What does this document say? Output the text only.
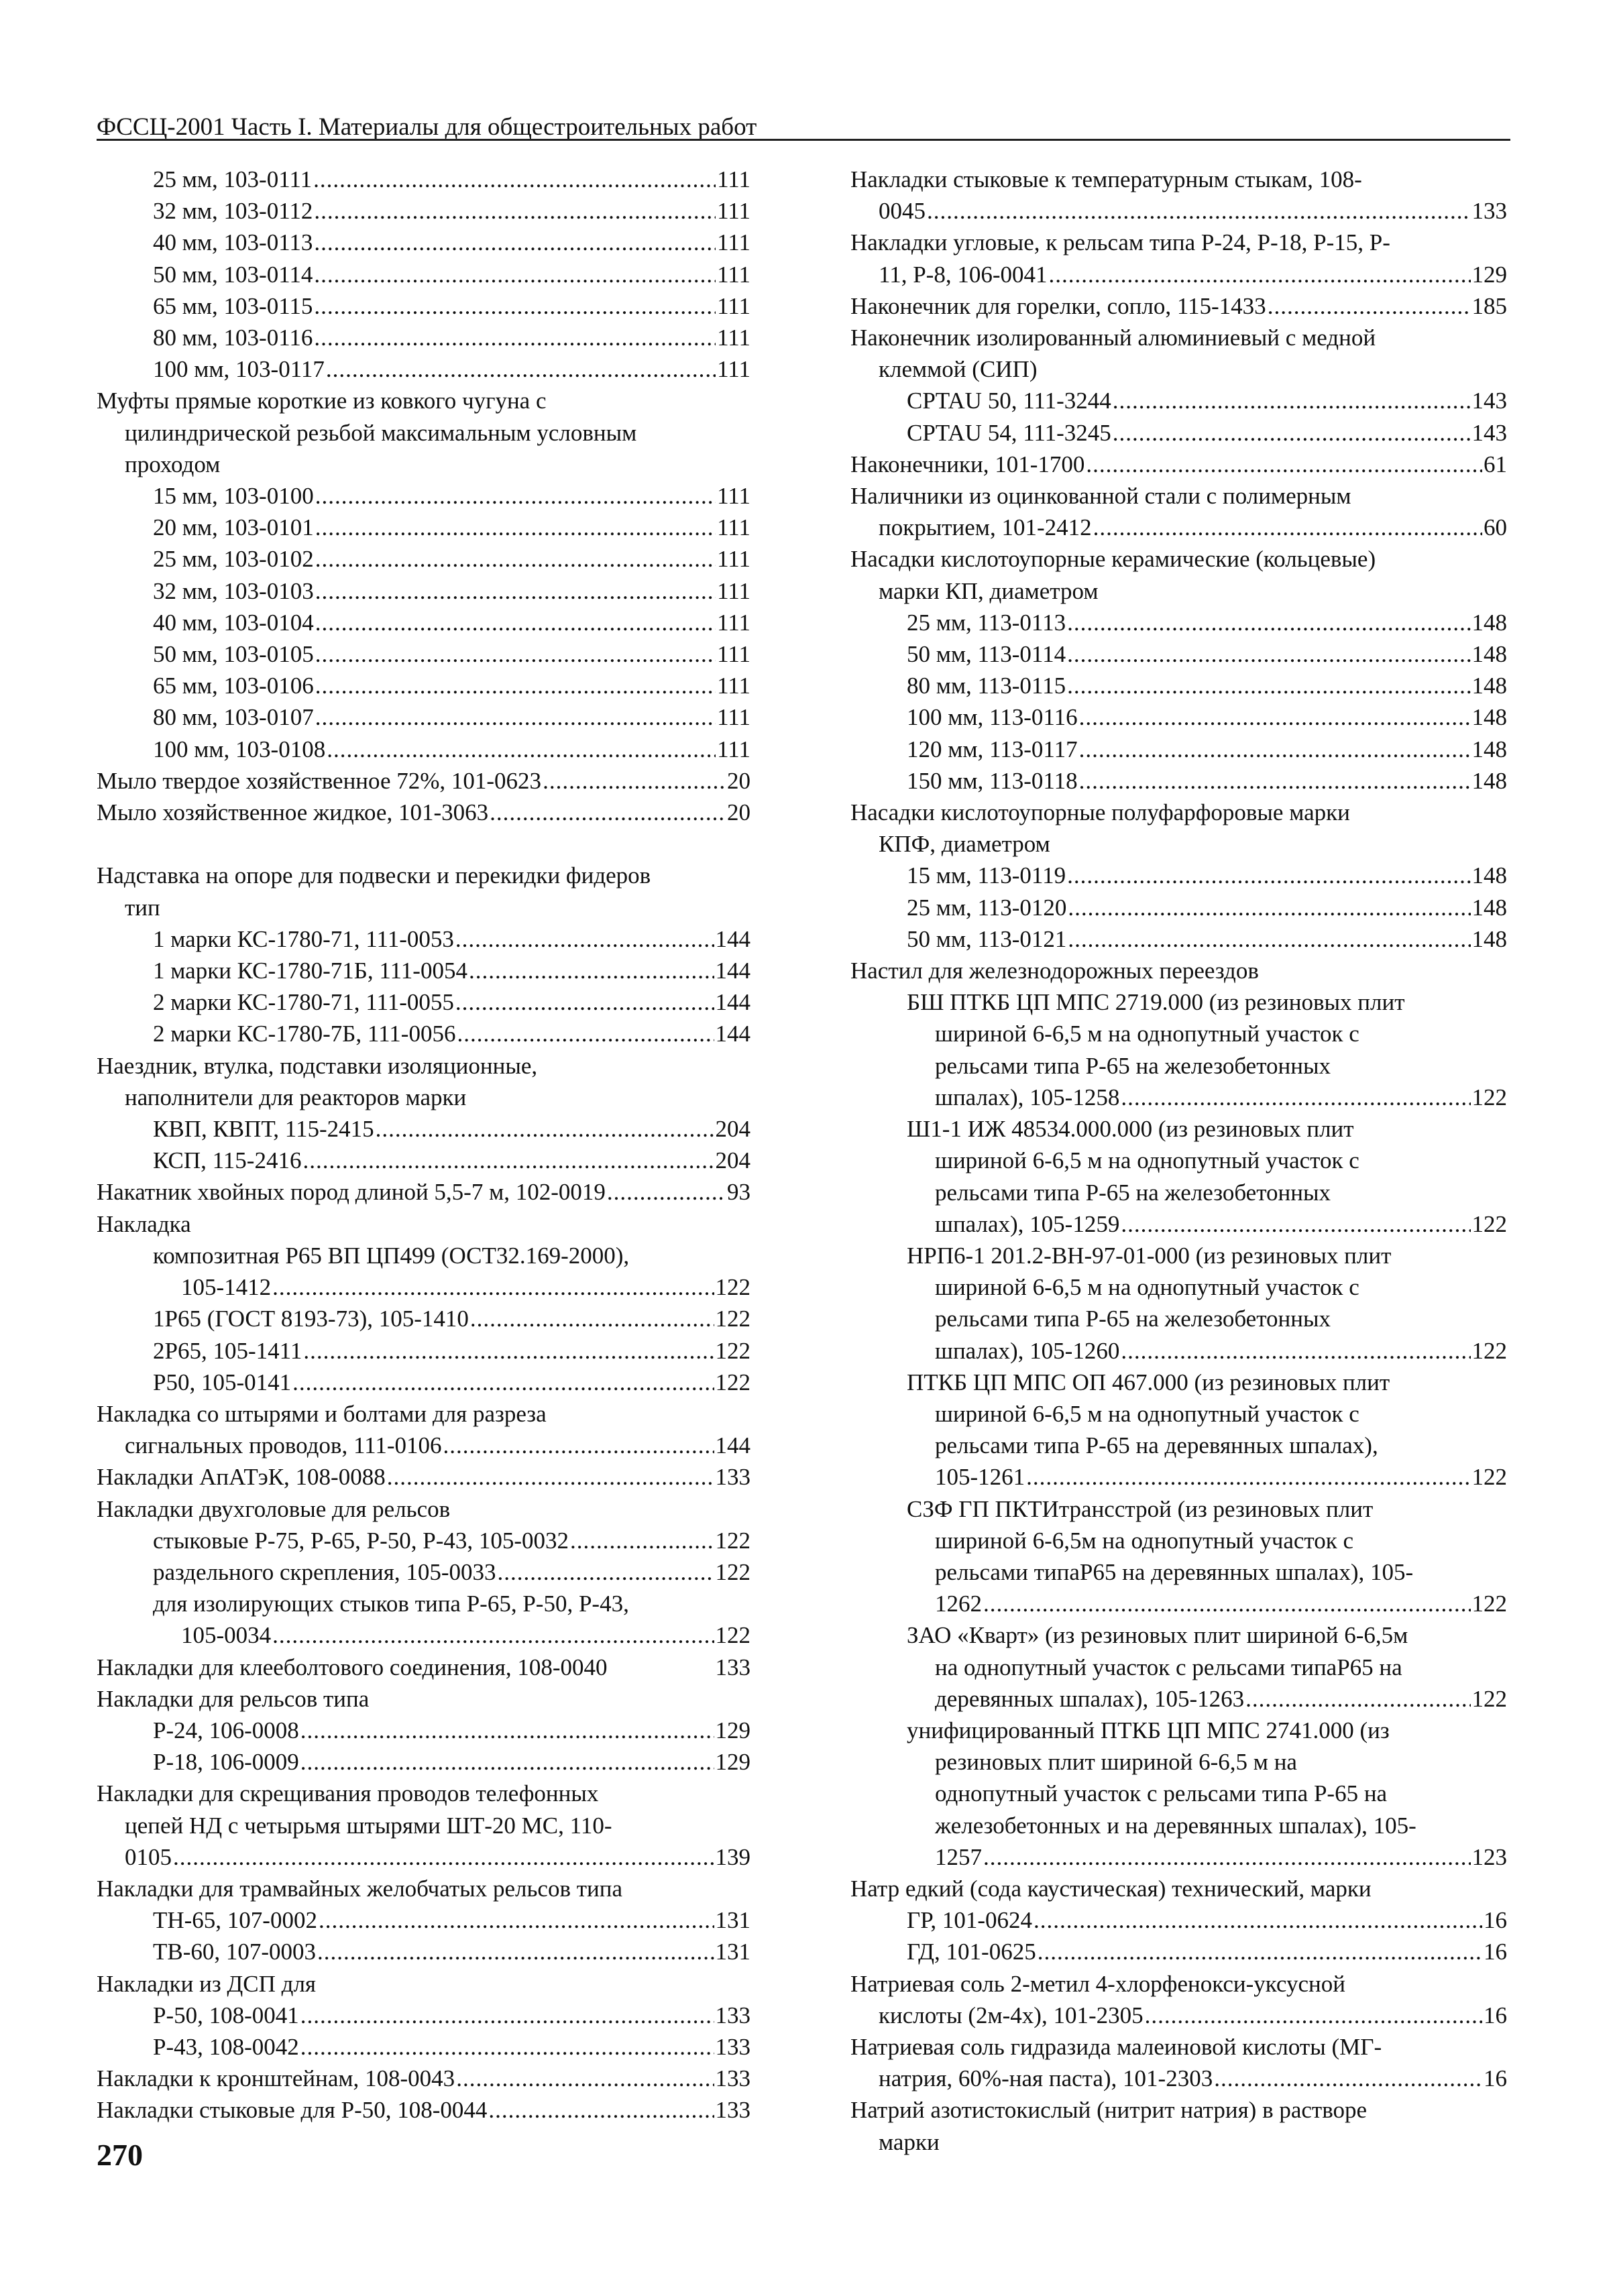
ФССЦ-2001 Часть I. Материалы для общестроительных работ
25 мм, 103-0111 .....	111
32 мм, 103-0112 .....	111
40 мм, 103-0113 .....	111
50 мм, 103-0114 .....	111
65 мм, 103-0115 .....	111
80 мм, 103-0116 .....	111
100 мм, 103-0117 .....	111
Муфты прямые короткие из ковкого чугуна с
цилиндрической резьбой максимальным условным
проходом
15 мм, 103-0100 .....	111
20 мм, 103-0101 .....	111
25 мм, 103-0102 .....	111
32 мм, 103-0103 .....	111
40 мм, 103-0104 .....	111
50 мм, 103-0105 .....	111
65 мм, 103-0106 .....	111
80 мм, 103-0107 .....	111
100 мм, 103-0108 .....	111
Мыло твердое хозяйственное 72%, 101-0623 .....	20
Мыло хозяйственное жидкое, 101-3063 .....	20
Надставка на опоре для подвески и перекидки фидеров
тип
1 марки КС-1780-71, 111-0053 .....	144
1 марки КС-1780-71Б, 111-0054 .....	144
2 марки КС-1780-71, 111-0055 .....	144
2 марки КС-1780-7Б, 111-0056 .....	144
Наездник, втулка, подставки изоляционные,
наполнители для реакторов марки
КВП, КВПТ, 115-2415 .....	204
КСП, 115-2416 .....	204
Накатник хвойных пород длиной 5,5-7 м, 102-0019 .....	93
Накладка
композитная Р65 ВП ЦП499 (ОСТ32.169-2000),
105-1412 .....	122
1Р65 (ГОСТ 8193-73), 105-1410 .....	122
2Р65, 105-1411 .....	122
Р50, 105-0141 .....	122
Накладка со штырями и болтами для разреза
сигнальных проводов, 111-0106 .....	144
Накладки АпАТэК, 108-0088 .....	133
Накладки двухголовые для рельсов
стыковые Р-75, Р-65, Р-50, Р-43, 105-0032 .....	122
раздельного скрепления, 105-0033 .....	122
для изолирующих стыков типа Р-65, Р-50, Р-43,
105-0034 .....	122
Накладки для клееболтового соединения, 108-0040	133
Накладки для рельсов типа
Р-24, 106-0008 .....	129
Р-18, 106-0009 .....	129
Накладки для скрещивания проводов телефонных
цепей НД с четырьмя штырями ШТ-20 МС, 110-
0105 .....	139
Накладки для трамвайных желобчатых рельсов типа
ТН-65, 107-0002 .....	131
ТВ-60, 107-0003 .....	131
Накладки из ДСП для
Р-50, 108-0041 .....	133
Р-43, 108-0042 .....	133
Накладки к кронштейнам, 108-0043 .....	133
Накладки стыковые для Р-50, 108-0044 .....	133
Накладки стыковые к температурным стыкам, 108-
0045 .....	133
Накладки угловые, к рельсам типа Р-24, Р-18, Р-15, Р-
11, Р-8, 106-0041 .....	129
Наконечник для горелки, сопло, 115-1433 .....	185
Наконечник изолированный алюминиевый с медной
клеммой (СИП)
CPTAU 50, 111-3244 .....	143
CPTAU 54, 111-3245 .....	143
Наконечники, 101-1700 .....	61
Наличники из оцинкованной стали с полимерным
покрытием, 101-2412 .....	60
Насадки кислотоупорные керамические (кольцевые)
марки КП, диаметром
25 мм, 113-0113 .....	148
50 мм, 113-0114 .....	148
80 мм, 113-0115 .....	148
100 мм, 113-0116 .....	148
120 мм, 113-0117 .....	148
150 мм, 113-0118 .....	148
Насадки кислотоупорные полуфарфоровые марки
КПФ, диаметром
15 мм, 113-0119 .....	148
25 мм, 113-0120 .....	148
50 мм, 113-0121 .....	148
Настил для железнодорожных переездов
БШ ПТКБ ЦП МПС 2719.000 (из резиновых плит
шириной 6-6,5 м на однопутный участок с
рельсами типа Р-65 на железобетонных
шпалах), 105-1258 .....	122
Ш1-1 ИЖ 48534.000.000 (из резиновых плит
шириной 6-6,5 м на однопутный участок с
рельсами типа Р-65 на железобетонных
шпалах), 105-1259 .....	122
НРП6-1 201.2-ВН-97-01-000 (из резиновых плит
шириной 6-6,5 м на однопутный участок с
рельсами типа Р-65 на железобетонных
шпалах), 105-1260 .....	122
ПТКБ ЦП МПС ОП 467.000 (из резиновых плит
шириной 6-6,5 м на однопутный участок с
рельсами типа Р-65 на деревянных шпалах),
105-1261 .....	122
СЗФ ГП ПКТИтрансстрой (из резиновых плит
шириной 6-6,5м на однопутный участок с
рельсами типаР65 на деревянных шпалах), 105-
1262 .....	122
ЗАО «Кварт» (из резиновых плит шириной 6-6,5м
на однопутный участок с рельсами типаР65 на
деревянных шпалах), 105-1263 .....	122
унифицированный ПТКБ ЦП МПС 2741.000 (из
резиновых плит шириной 6-6,5 м на
однопутный участок с рельсами типа Р-65 на
железобетонных и на деревянных шпалах), 105-
1257 .....	123
Натр едкий (сода каустическая) технический, марки
ГР, 101-0624 .....	16
ГД, 101-0625 .....	16
Натриевая соль 2-метил 4-хлорфенокси-уксусной
кислоты (2м-4х), 101-2305 .....	16
Натриевая соль гидразида малеиновой кислоты (МГ-
натрия, 60%-ная паста), 101-2303 .....	16
Натрий азотистокислый (нитрит натрия) в растворе
марки
270
